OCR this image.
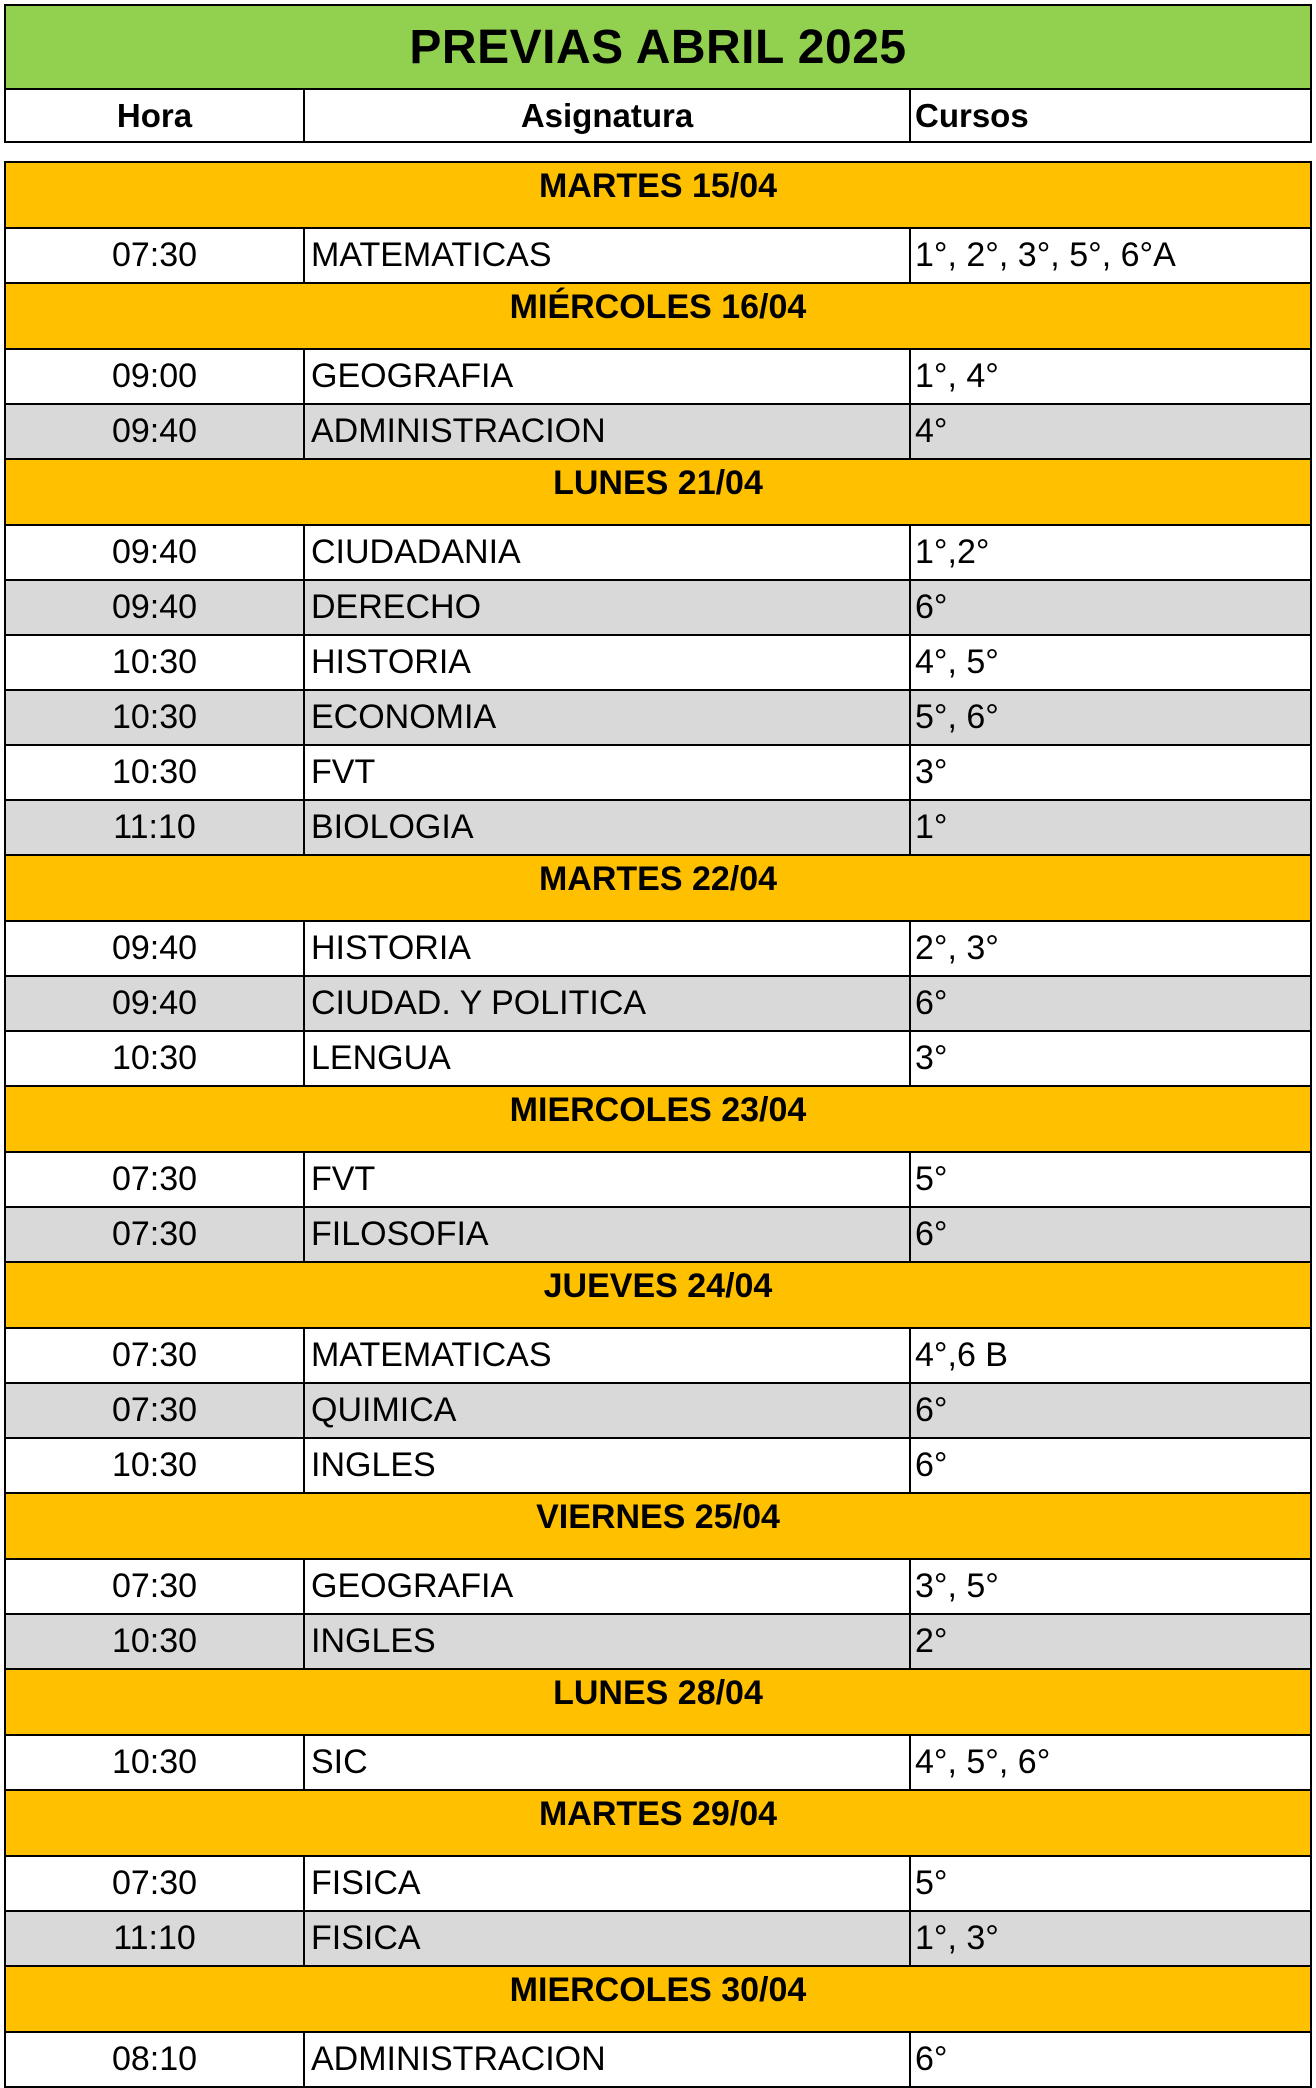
PREVIAS ABRIL 2025
Hora	Asignatura	Cursos
MARTES 15/04
07:30	MATEMATICAS	1°, 2°, 3°, 5°, 6°A
MIÉRCOLES 16/04
09:00	GEOGRAFIA	1°, 4°
09:40	ADMINISTRACION	4°
LUNES 21/04
09:40	CIUDADANIA	1°,2°
09:40	DERECHO	6°
10:30	HISTORIA	4°, 5°
10:30	ECONOMIA	5°, 6°
10:30	FVT	3°
11:10	BIOLOGIA	1°
MARTES 22/04
09:40	HISTORIA	2°, 3°
09:40	CIUDAD. Y POLITICA	6°
10:30	LENGUA	3°
MIERCOLES 23/04
07:30	FVT	5°
07:30	FILOSOFIA	6°
JUEVES 24/04
07:30	MATEMATICAS	4°,6 B
07:30	QUIMICA	6°
10:30	INGLES	6°
VIERNES 25/04
07:30	GEOGRAFIA	3°, 5°
10:30	INGLES	2°
LUNES 28/04
10:30	SIC	4°, 5°, 6°
MARTES 29/04
07:30	FISICA	5°
11:10	FISICA	1°, 3°
MIERCOLES 30/04
08:10	ADMINISTRACION	6°
